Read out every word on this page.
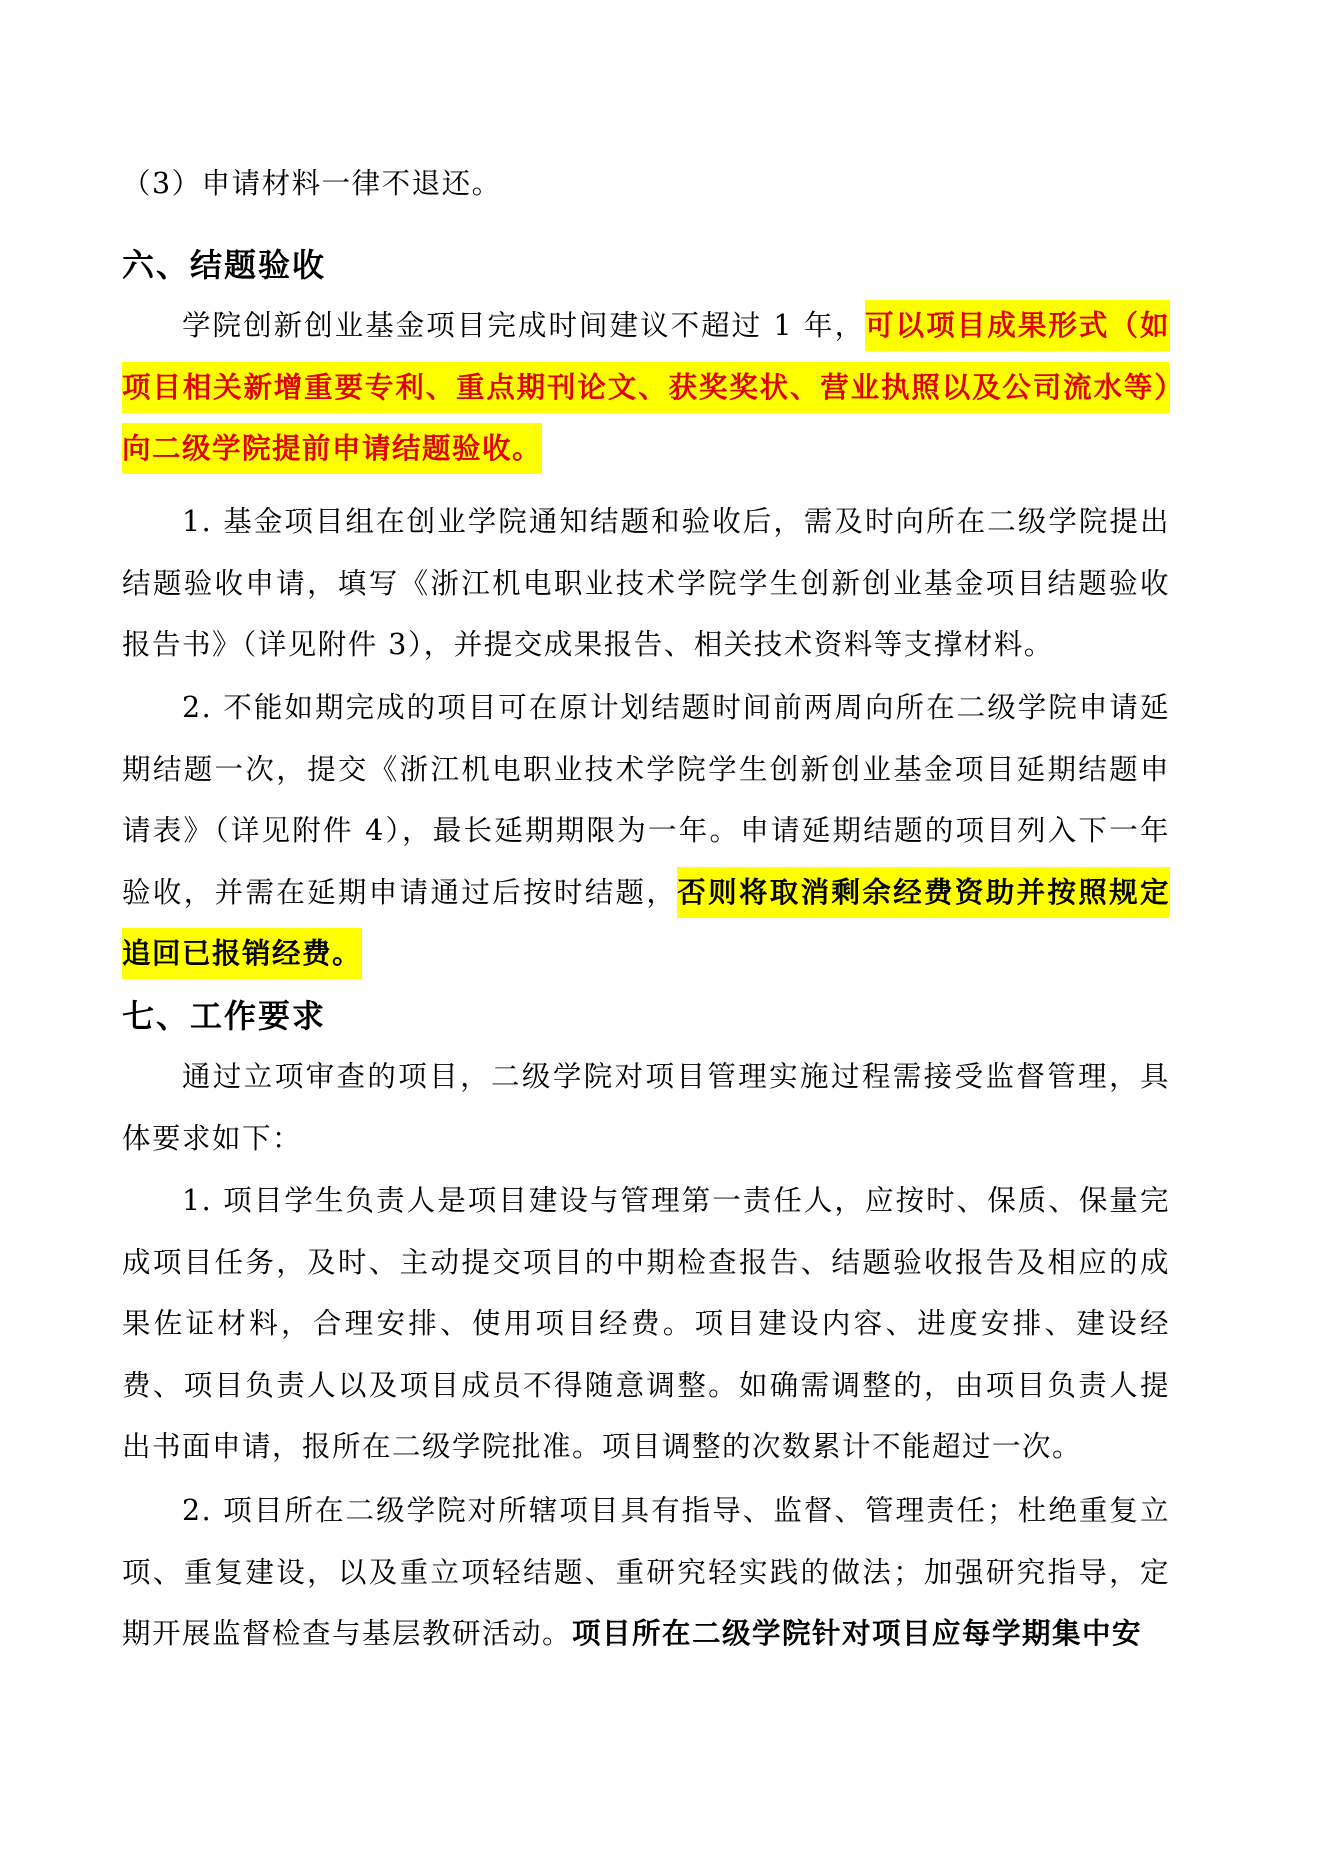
（3）申请材料一律不退还。
六、结题验收
学院创新创业基金项目完成时间建议不超过 1 年，可以项目成果形式（如项目相关新增重要专利、重点期刊论文、获奖奖状、营业执照以及公司流水等）向二级学院提前申请结题验收。
1. 基金项目组在创业学院通知结题和验收后，需及时向所在二级学院提出结题验收申请，填写《浙江机电职业技术学院学生创新创业基金项目结题验收报告书》（详见附件 3），并提交成果报告、相关技术资料等支撑材料。
2. 不能如期完成的项目可在原计划结题时间前两周向所在二级学院申请延期结题一次，提交《浙江机电职业技术学院学生创新创业基金项目延期结题申请表》（详见附件 4），最长延期期限为一年。申请延期结题的项目列入下一年验收，并需在延期申请通过后按时结题，否则将取消剩余经费资助并按照规定追回已报销经费。
七、工作要求
通过立项审查的项目，二级学院对项目管理实施过程需接受监督管理，具体要求如下：
1. 项目学生负责人是项目建设与管理第一责任人，应按时、保质、保量完成项目任务，及时、主动提交项目的中期检查报告、结题验收报告及相应的成果佐证材料，合理安排、使用项目经费。项目建设内容、进度安排、建设经费、项目负责人以及项目成员不得随意调整。如确需调整的，由项目负责人提出书面申请，报所在二级学院批准。项目调整的次数累计不能超过一次。
2. 项目所在二级学院对所辖项目具有指导、监督、管理责任；杜绝重复立项、重复建设，以及重立项轻结题、重研究轻实践的做法；加强研究指导，定期开展监督检查与基层教研活动。项目所在二级学院针对项目应每学期集中安
